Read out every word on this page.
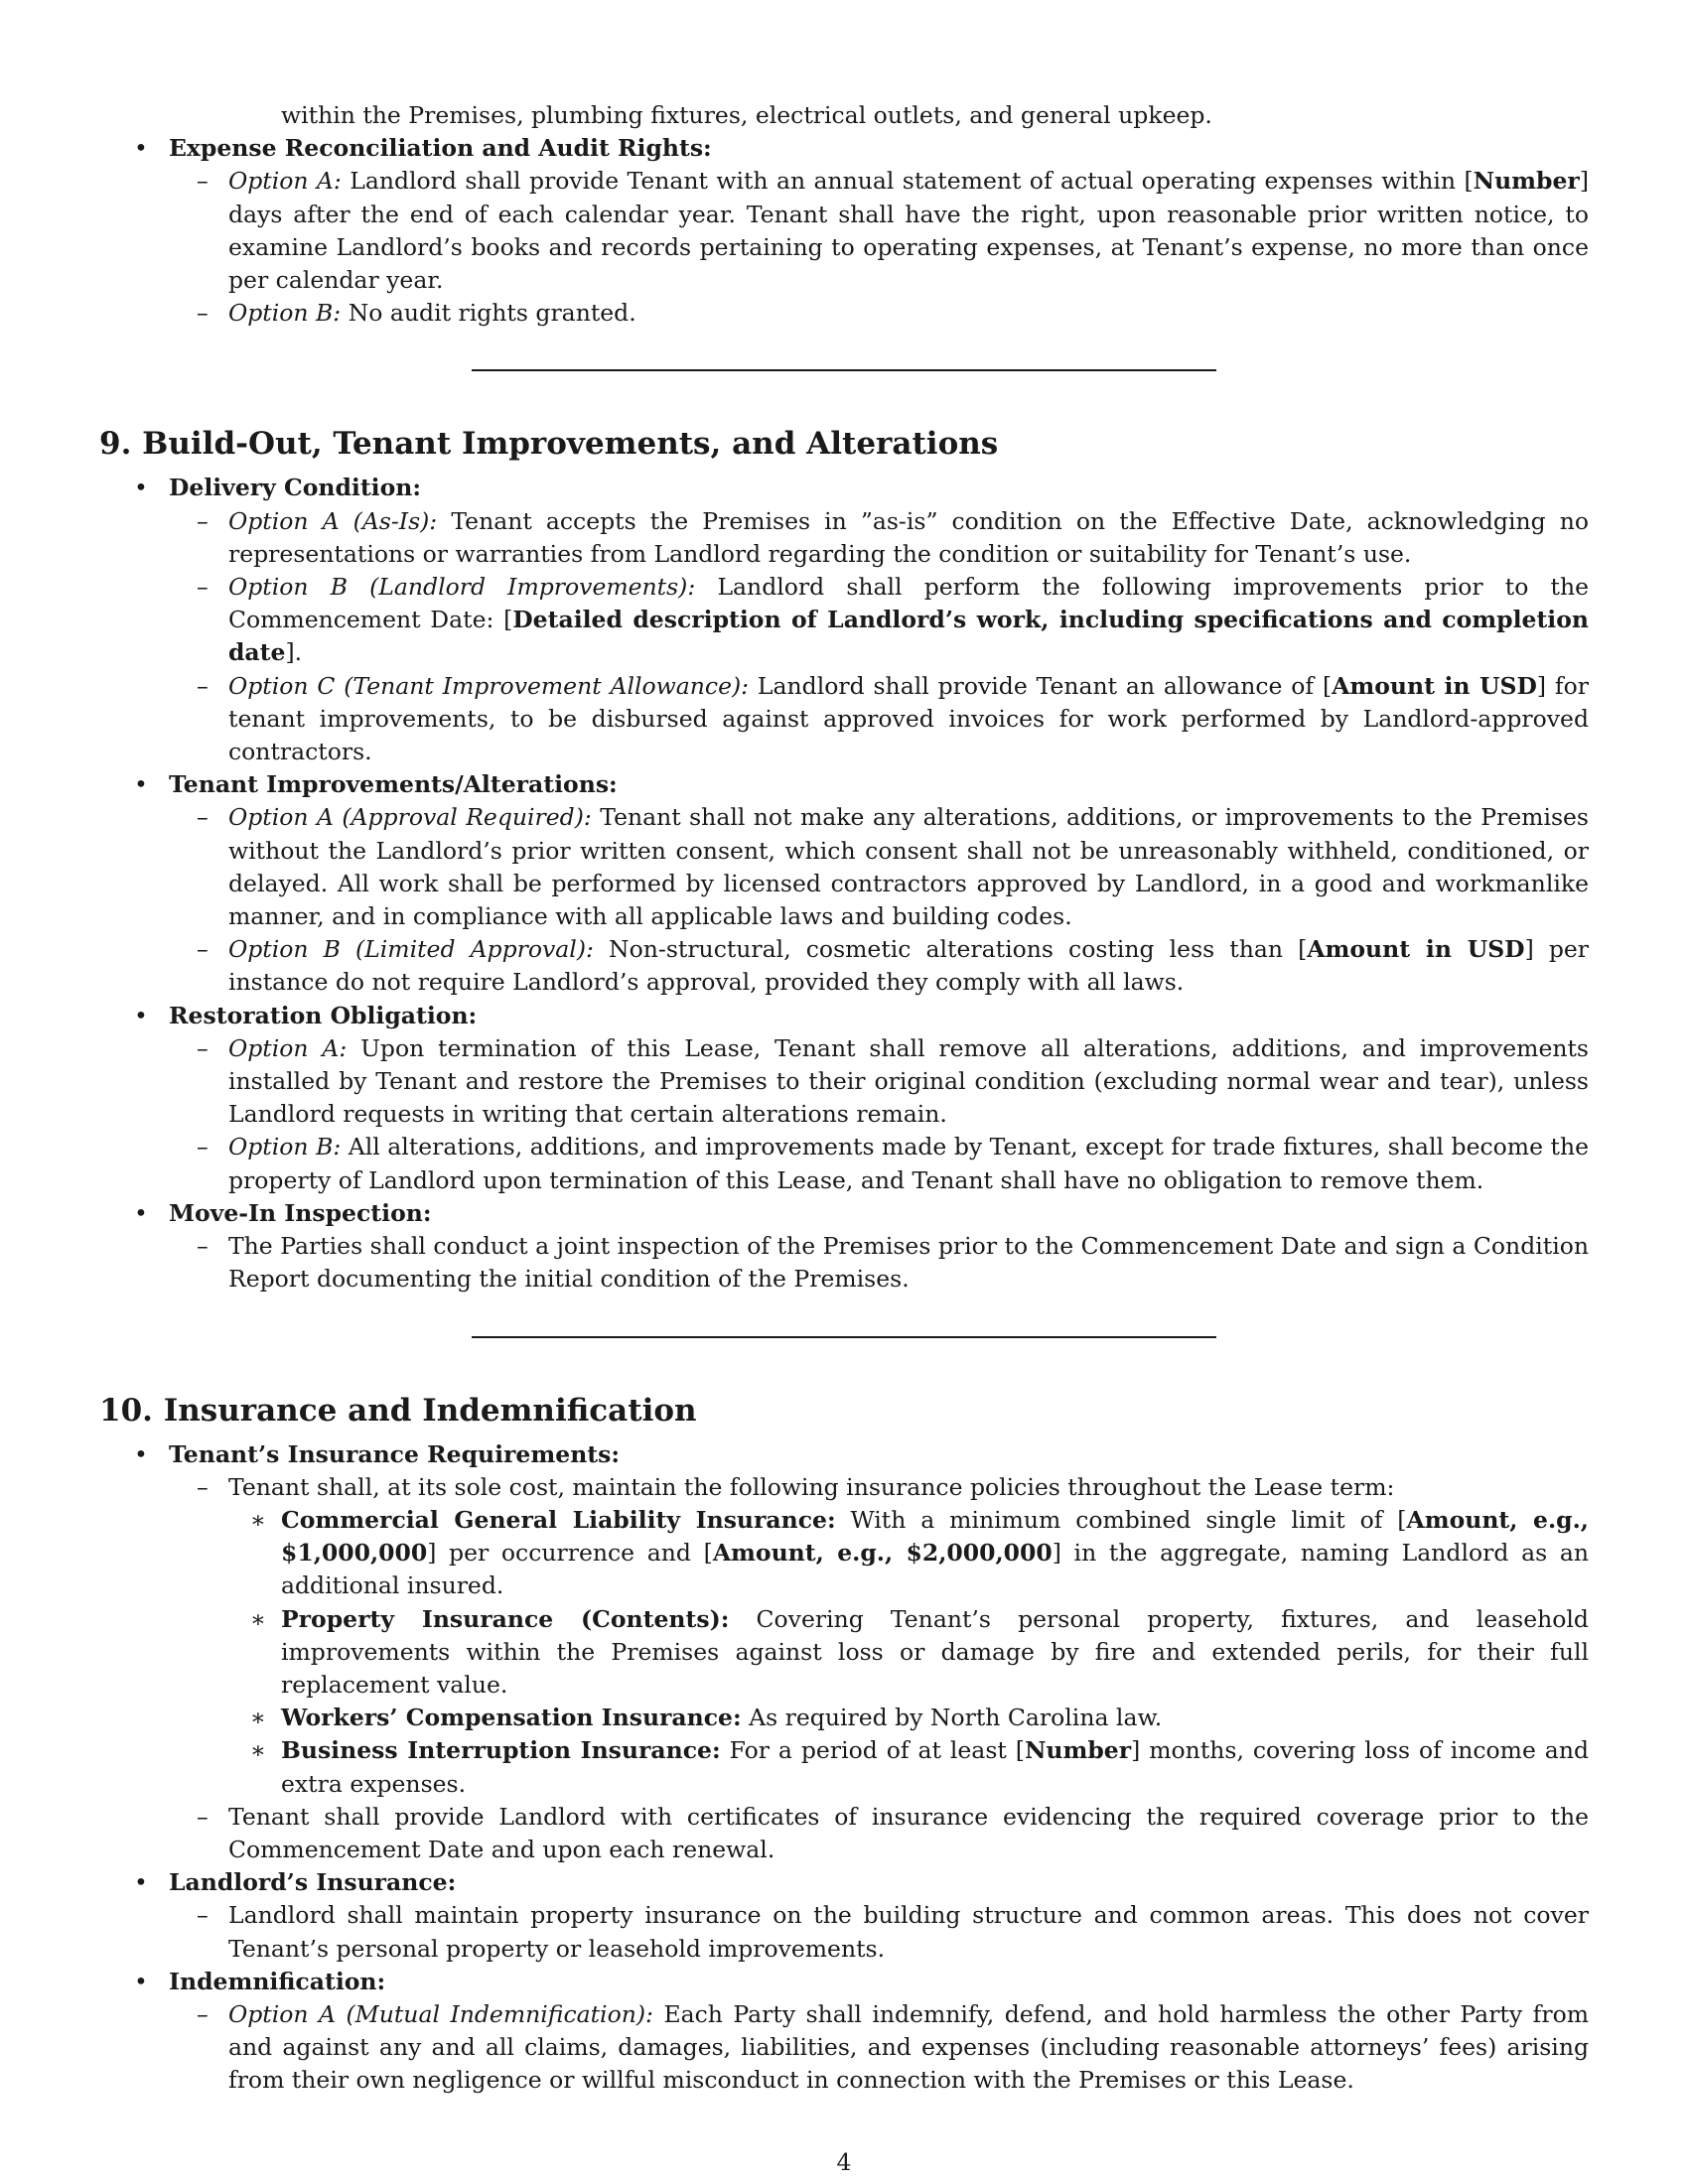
within the Premises, plumbing fixtures, electrical outlets, and general upkeep.

• Expense Reconciliation and Audit Rights:

– Option A: Landlord shall provide Tenant with an annual statement of actual operating expenses within [Number] days after the end of each calendar year. Tenant shall have the right, upon reasonable prior written notice, to examine Landlord’s books and records pertaining to operating expenses, at Tenant’s expense, no more than once per calendar year.

– Option B: No audit rights granted.

9. Build-Out, Tenant Improvements, and Alterations
• Delivery Condition:

– Option A (As-Is): Tenant accepts the Premises in ”as-is” condition on the Effective Date, acknowledging no representations or warranties from Landlord regarding the condition or suitability for Tenant’s use.

– Option B (Landlord Improvements): Landlord shall perform the following improvements prior to the Commencement Date: [Detailed description of Landlord’s work, including specifications and completion date].

– Option C (Tenant Improvement Allowance): Landlord shall provide Tenant an allowance of [Amount in USD] for tenant improvements, to be disbursed against approved invoices for work performed by Landlord-approved contractors.

• Tenant Improvements/Alterations:

– Option A (Approval Required): Tenant shall not make any alterations, additions, or improvements to the Premises without the Landlord’s prior written consent, which consent shall not be unreasonably withheld, conditioned, or delayed. All work shall be performed by licensed contractors approved by Landlord, in a good and workmanlike manner, and in compliance with all applicable laws and building codes.

– Option B (Limited Approval): Non-structural, cosmetic alterations costing less than [Amount in USD] per instance do not require Landlord’s approval, provided they comply with all laws.

• Restoration Obligation:

– Option A: Upon termination of this Lease, Tenant shall remove all alterations, additions, and improvements installed by Tenant and restore the Premises to their original condition (excluding normal wear and tear), unless Landlord requests in writing that certain alterations remain.

– Option B: All alterations, additions, and improvements made by Tenant, except for trade fixtures, shall become the property of Landlord upon termination of this Lease, and Tenant shall have no obligation to remove them.

• Move-In Inspection:

– The Parties shall conduct a joint inspection of the Premises prior to the Commencement Date and sign a Condition Report documenting the initial condition of the Premises.

10. Insurance and Indemnification
• Tenant’s Insurance Requirements:

– Tenant shall, at its sole cost, maintain the following insurance policies throughout the Lease term:

∗ Commercial General Liability Insurance: With a minimum combined single limit of [Amount, e.g., $1,000,000] per occurrence and [Amount, e.g., $2,000,000] in the aggregate, naming Landlord as an additional insured.

∗ Property Insurance (Contents): Covering Tenant’s personal property, fixtures, and leasehold improvements within the Premises against loss or damage by fire and extended perils, for their full replacement value.

∗ Workers’ Compensation Insurance: As required by North Carolina law.

∗ Business Interruption Insurance: For a period of at least [Number] months, covering loss of income and extra expenses.

– Tenant shall provide Landlord with certificates of insurance evidencing the required coverage prior to the Commencement Date and upon each renewal.

• Landlord’s Insurance:

– Landlord shall maintain property insurance on the building structure and common areas. This does not cover Tenant’s personal property or leasehold improvements.

• Indemnification:

– Option A (Mutual Indemnification): Each Party shall indemnify, defend, and hold harmless the other Party from and against any and all claims, damages, liabilities, and expenses (including reasonable attorneys’ fees) arising from their own negligence or willful misconduct in connection with the Premises or this Lease.

4
